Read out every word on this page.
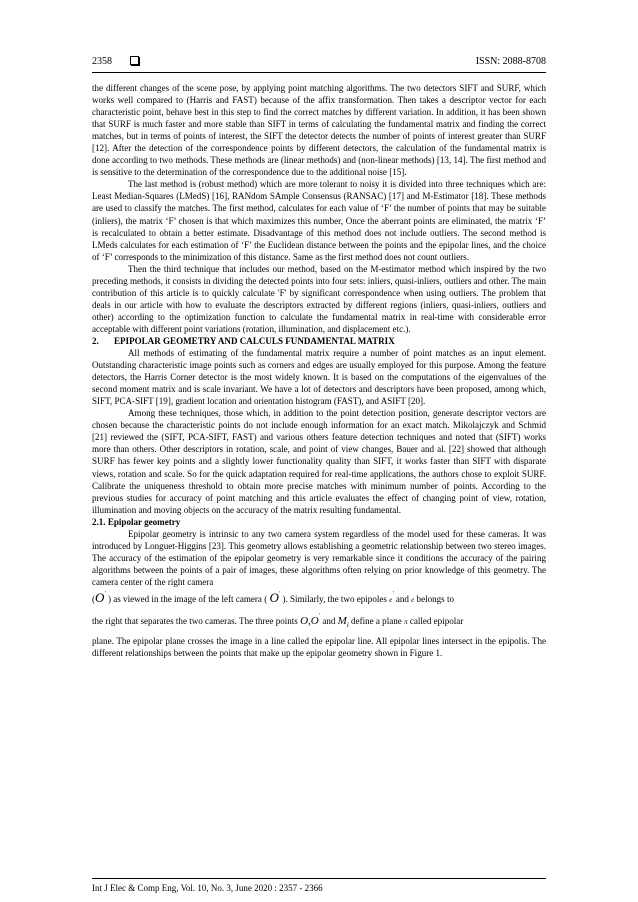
2358	ISSN: 2088-8708

the different changes of the scene pose, by applying point matching algorithms. The two detectors SIFT and SURF, which works well compared to (Harris and FAST) because of the affix transformation. Then takes a descriptor vector for each characteristic point, behave best in this step to find the correct matches by different variation. In addition, it has been shown that SURF is much faster and more stable than SIFT in terms of calculating the fundamental matrix and finding the correct matches, but in terms of points of interest, the SIFT the detector detects the number of points of interest greater than SURF [12]. After the detection of the correspondence points by different detectors, the calculation of the fundamental matrix is done according to two methods. These methods are (linear methods) and (non-linear methods) [13, 14]. The first method and is sensitive to the determination of the correspondence due to the additional noise [15].

The last method is (robust method) which are more tolerant to noisy it is divided into three techniques which are: Least Median-Squares (LMedS) [16], RANdom SAmple Consensus (RANSAC) [17] and M-Estimator [18]. These methods are used to classify the matches. The first method, calculates for each value of ‘F’ the number of points that may be suitable (inliers), the matrix ‘F’ chosen is that which maximizes this number, Once the aberrant points are eliminated, the matrix ‘F’ is recalculated to obtain a better estimate. Disadvantage of this method does not include outliers. The second method is LMeds calculates for each estimation of ‘F’ the Euclidean distance between the points and the epipolar lines, and the choice of ‘F’ corresponds to the minimization of this distance. Same as the first method does not count outliers.

Then the third technique that includes our method, based on the M-estimator method which inspired by the two preceding methods, it consists in dividing the detected points into four sets: inliers, quasi-inliers, outliers and other. The main contribution of this article is to quickly calculate 'F' by significant correspondence when using outliers. The problem that deals in our article with how to evaluate the descriptors extracted by different regions (inliers, quasi-inliers, outliers and other) according to the optimization function to calculate the fundamental matrix in real-time with considerable error acceptable with different point variations (rotation, illumination, and displacement etc.).

2. EPIPOLAR GEOMETRY AND CALCULS FUNDAMENTAL MATRIX

All methods of estimating of the fundamental matrix require a number of point matches as an input element. Outstanding characteristic image points such as corners and edges are usually employed for this purpose. Among the feature detectors, the Harris Corner detector is the most widely known. It is based on the computations of the eigenvalues of the second moment matrix and is scale invariant. We have a lot of detectors and descriptors have been proposed, among which, SIFT, PCA-SIFT [19], gradient location and orientation histogram (FAST), and ASIFT [20].

Among these techniques, those which, in addition to the point detection position, generate descriptor vectors are chosen because the characteristic points do not include enough information for an exact match. Mikolajczyk and Schmid [21] reviewed the (SIFT, PCA-SIFT, FAST) and various others feature detection techniques and noted that (SIFT) works more than others. Other descriptors in rotation, scale, and point of view changes, Bauer and al. [22] showed that although SURF has fewer key points and a slightly lower functionality quality than SIFT, it works faster than SIFT with disparate views, rotation and scale. So for the quick adaptation required for real-time applications, the authors chose to exploit SURF. Calibrate the uniqueness threshold to obtain more precise matches with minimum number of points. According to the previous studies for accuracy of point matching and this article evaluates the effect of changing point of view, rotation, illumination and moving objects on the accuracy of the matrix resulting fundamental.

2.1. Epipolar geometry

Epipolar geometry is intrinsic to any two camera system regardless of the model used for these cameras. It was introduced by Longuet-Higgins [23]. This geometry allows establishing a geometric relationship between two stereo images. The accuracy of the estimation of the epipolar geometry is very remarkable since it conditions the accuracy of the pairing algorithms between the points of a pair of images, these algorithms often relying on prior knowledge of this geometry. The camera center of the right camera

(O' ) as viewed in the image of the left camera ( O' ). Similarly, the two epipoles e' and e belongs to

the right that separates the two cameras. The three points O,O' and $M_i$ define a plane π called epipolar

plane. The epipolar plane crosses the image in a line called the epipolar line. All epipolar lines intersect in the epipolis. The different relationships between the points that make up the epipolar geometry shown in Figure 1.

Int J Elec & Comp Eng, Vol. 10, No. 3, June 2020 : 2357 - 2366
